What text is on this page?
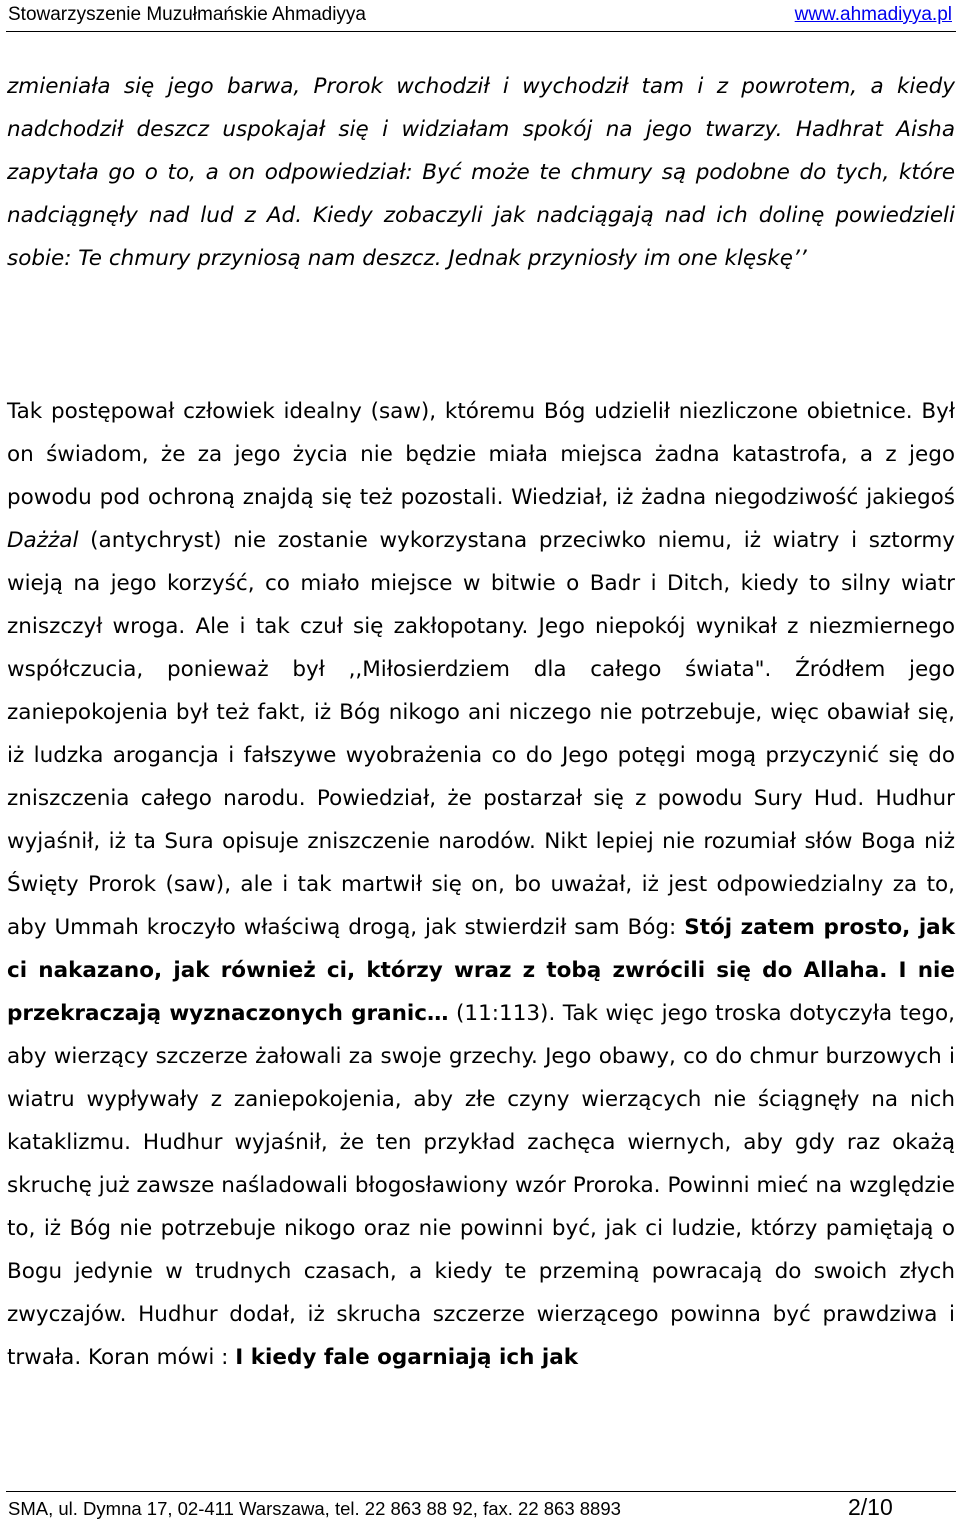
Stowarzyszenie Muzułmańskie Ahmadiyya	www.ahmadiyya.pl

zmieniała się jego barwa, Prorok wchodził i wychodził tam i z powrotem, a kiedy nadchodził deszcz uspokajał się i widziałam spokój na jego twarzy. Hadhrat Aisha zapytała go o to, a on odpowiedział: Być może te chmury są podobne do tych, które nadciągnęły nad lud z Ad. Kiedy zobaczyli jak nadciągają nad ich dolinę powiedzieli sobie: Te chmury przyniosą nam deszcz. Jednak przyniosły im one klęskę’’

Tak postępował człowiek idealny (saw), któremu Bóg udzielił niezliczone obietnice. Był on świadom, że za jego życia nie będzie miała miejsca żadna katastrofa, a z jego powodu pod ochroną znajdą się też pozostali. Wiedział, iż żadna niegodziwość jakiegoś Dażżal (antychryst) nie zostanie wykorzystana przeciwko niemu, iż wiatry i sztormy wieją na jego korzyść, co miało miejsce w bitwie o Badr i Ditch, kiedy to silny wiatr zniszczył wroga. Ale i tak czuł się zakłopotany. Jego niepokój wynikał z niezmiernego współczucia, ponieważ był ,,Miłosierdziem dla całego świata". Źródłem jego zaniepokojenia był też fakt, iż Bóg nikogo ani niczego nie potrzebuje, więc obawiał się, iż ludzka arogancja i fałszywe wyobrażenia co do Jego potęgi mogą przyczynić się do zniszczenia całego narodu. Powiedział, że postarzał się z powodu Sury Hud. Hudhur wyjaśnił, iż ta Sura opisuje zniszczenie narodów. Nikt lepiej nie rozumiał słów Boga niż Święty Prorok (saw), ale i tak martwił się on, bo uważał, iż jest odpowiedzialny za to, aby Ummah kroczyło właściwą drogą, jak stwierdził sam Bóg: Stój zatem prosto, jak ci nakazano, jak również ci, którzy wraz z tobą zwrócili się do Allaha. I nie przekraczają wyznaczonych granic… (11:113). Tak więc jego troska dotyczyła tego, aby wierzący szczerze żałowali za swoje grzechy. Jego obawy, co do chmur burzowych i wiatru wypływały z zaniepokojenia, aby złe czyny wierzących nie ściągnęły na nich kataklizmu. Hudhur wyjaśnił, że ten przykład zachęca wiernych, aby gdy raz okażą skruchę już zawsze naśladowali błogosławiony wzór Proroka. Powinni mieć na względzie to, iż Bóg nie potrzebuje nikogo oraz nie powinni być, jak ci ludzie, którzy pamiętają o Bogu jedynie w trudnych czasach, a kiedy te przeminą powracają do swoich złych zwyczajów. Hudhur dodał, iż skrucha szczerze wierzącego powinna być prawdziwa i trwała. Koran mówi : I kiedy fale ogarniają ich jak

SMA, ul. Dymna 17, 02-411 Warszawa, tel. 22 863 88 92, fax. 22 863 8893	2/10
